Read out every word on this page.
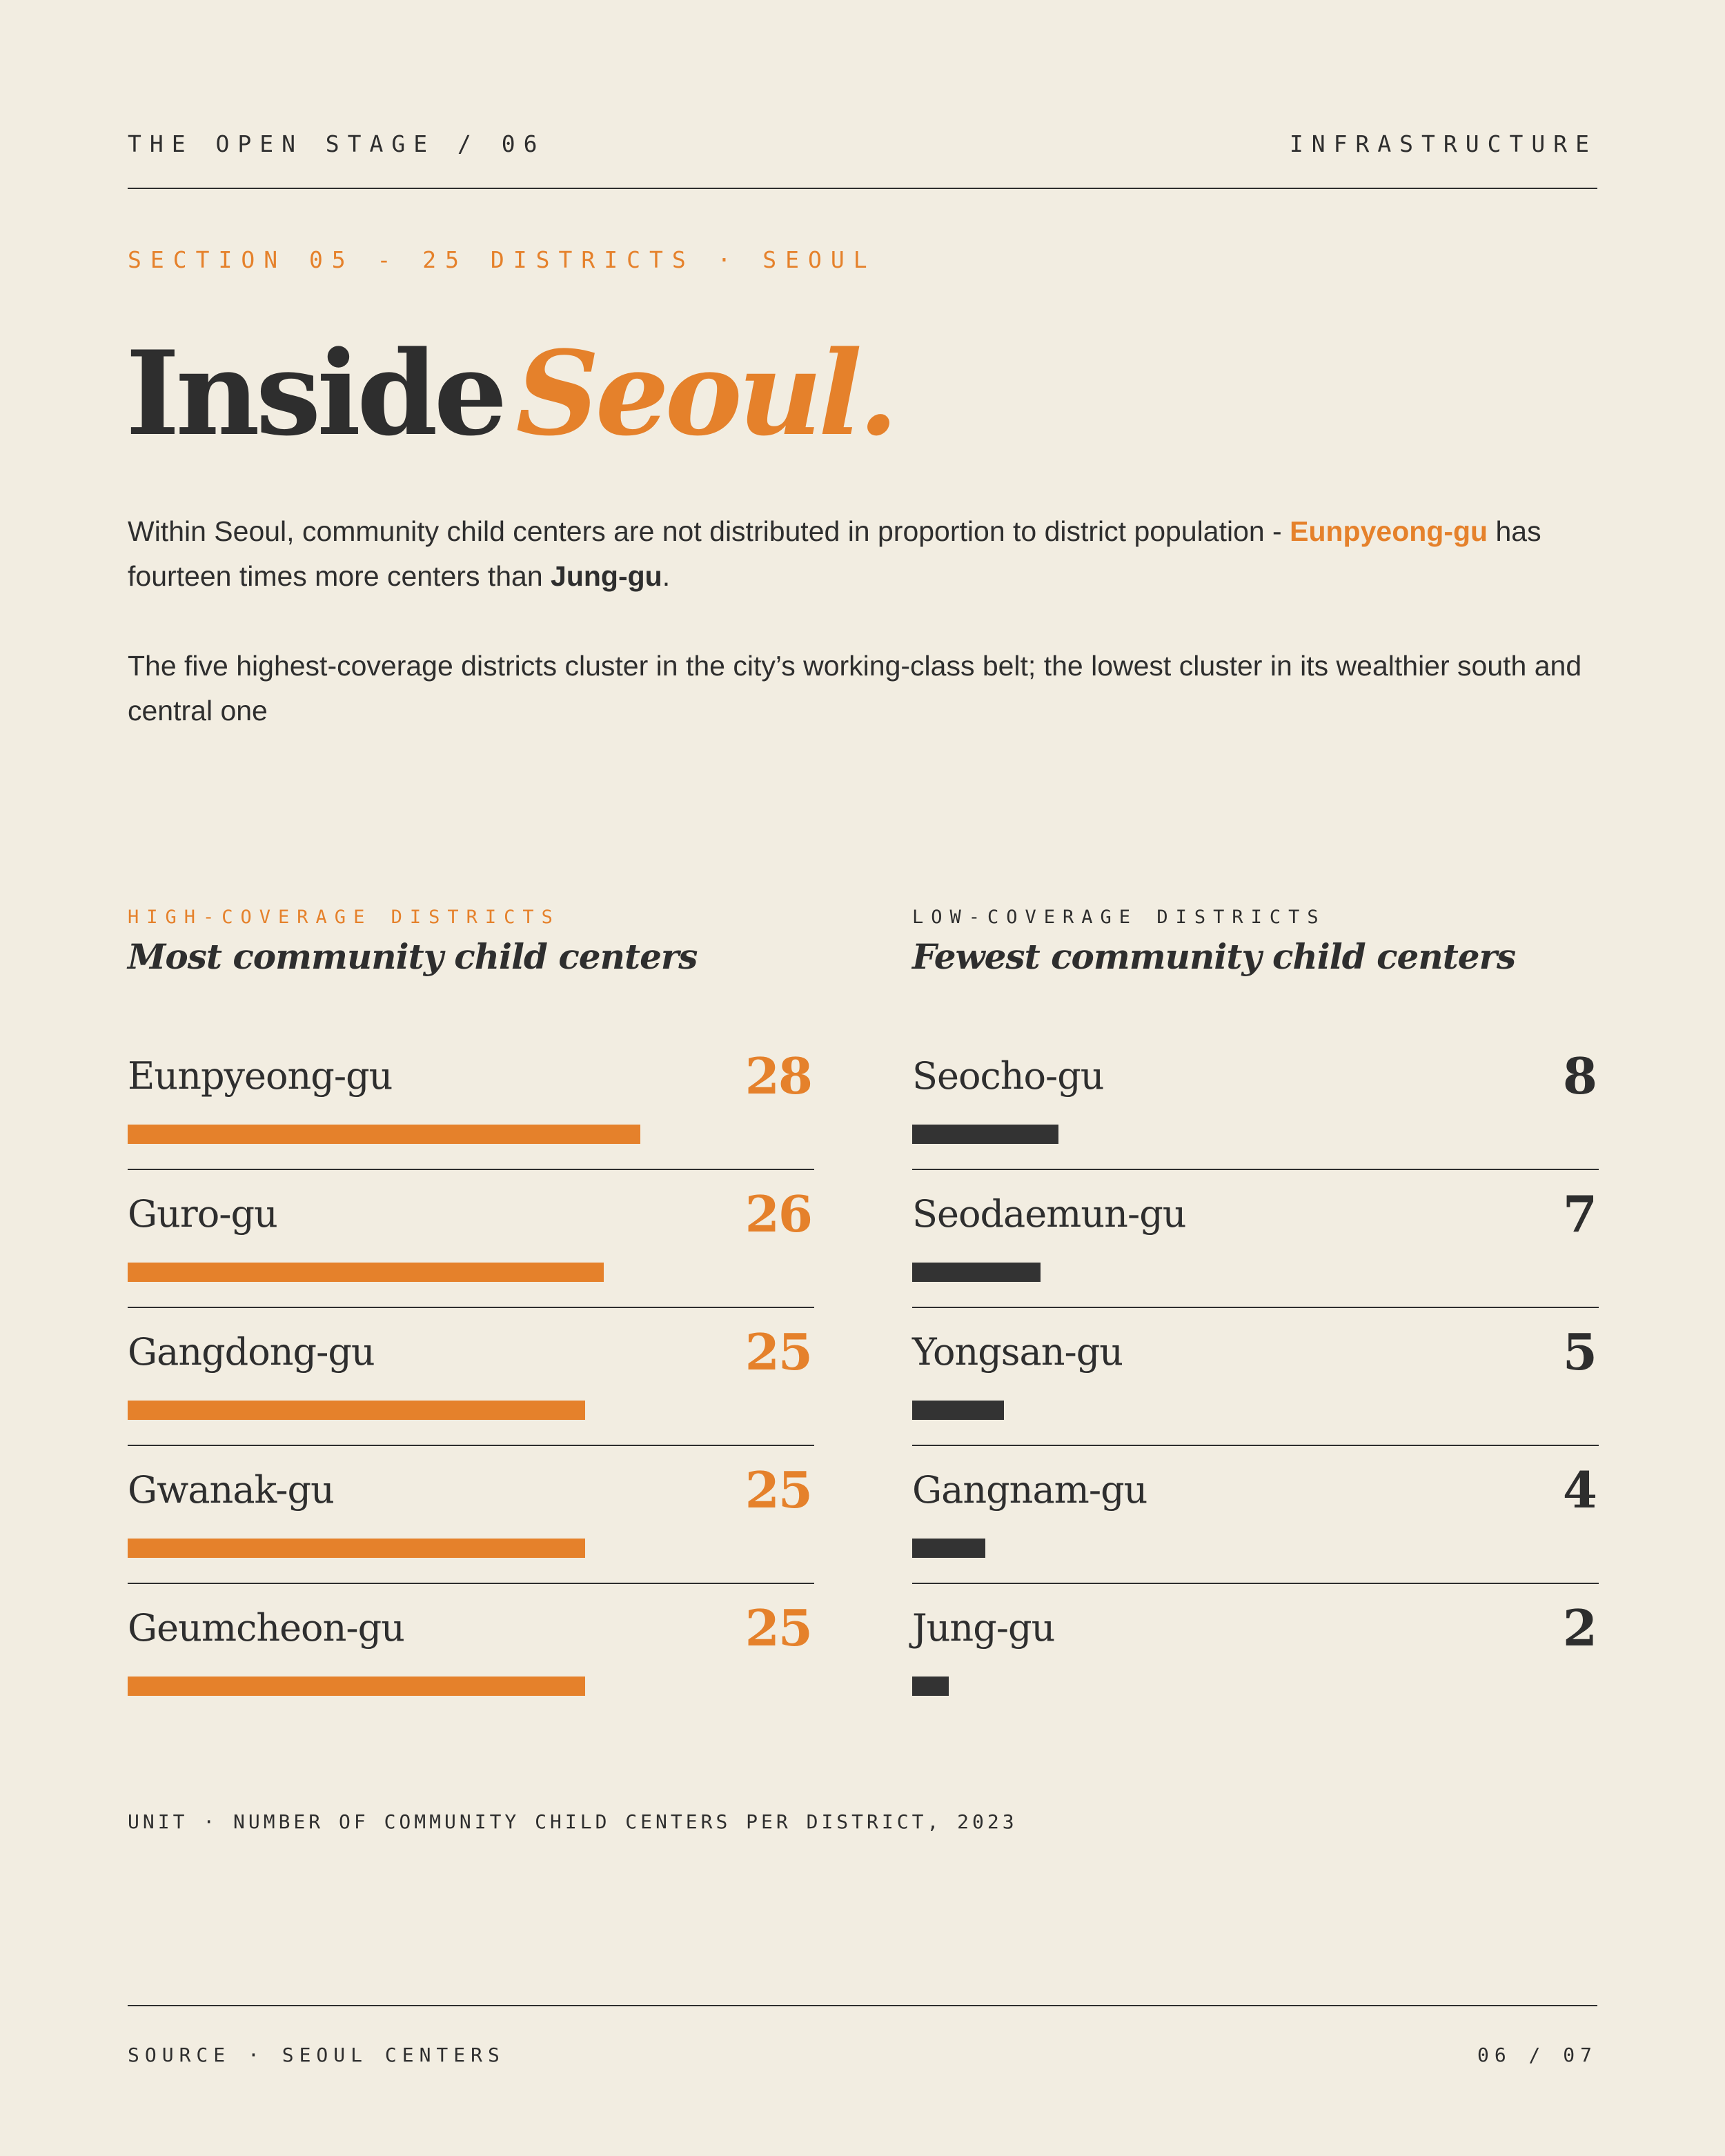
THE OPEN STAGE / 06	INFRASTRUCTURE
SECTION 05 - 25 DISTRICTS · SEOUL
Inside Seoul.

Within Seoul, community child centers are not distributed in proportion to district population - Eunpyeong-gu has fourteen times more centers than Jung-gu.

The five highest-coverage districts cluster in the city’s working-class belt; the lowest cluster in its wealthier south and central one

HIGH-COVERAGE DISTRICTS
Most community child centers
Eunpyeong-gu	28
Guro-gu	26
Gangdong-gu	25
Gwanak-gu	25
Geumcheon-gu	25
LOW-COVERAGE DISTRICTS
Fewest community child centers
Seocho-gu	8
Seodaemun-gu	7
Yongsan-gu	5
Gangnam-gu	4
Jung-gu	2
UNIT · NUMBER OF COMMUNITY CHILD CENTERS PER DISTRICT, 2023
SOURCE · SEOUL CENTERS	06 / 07
